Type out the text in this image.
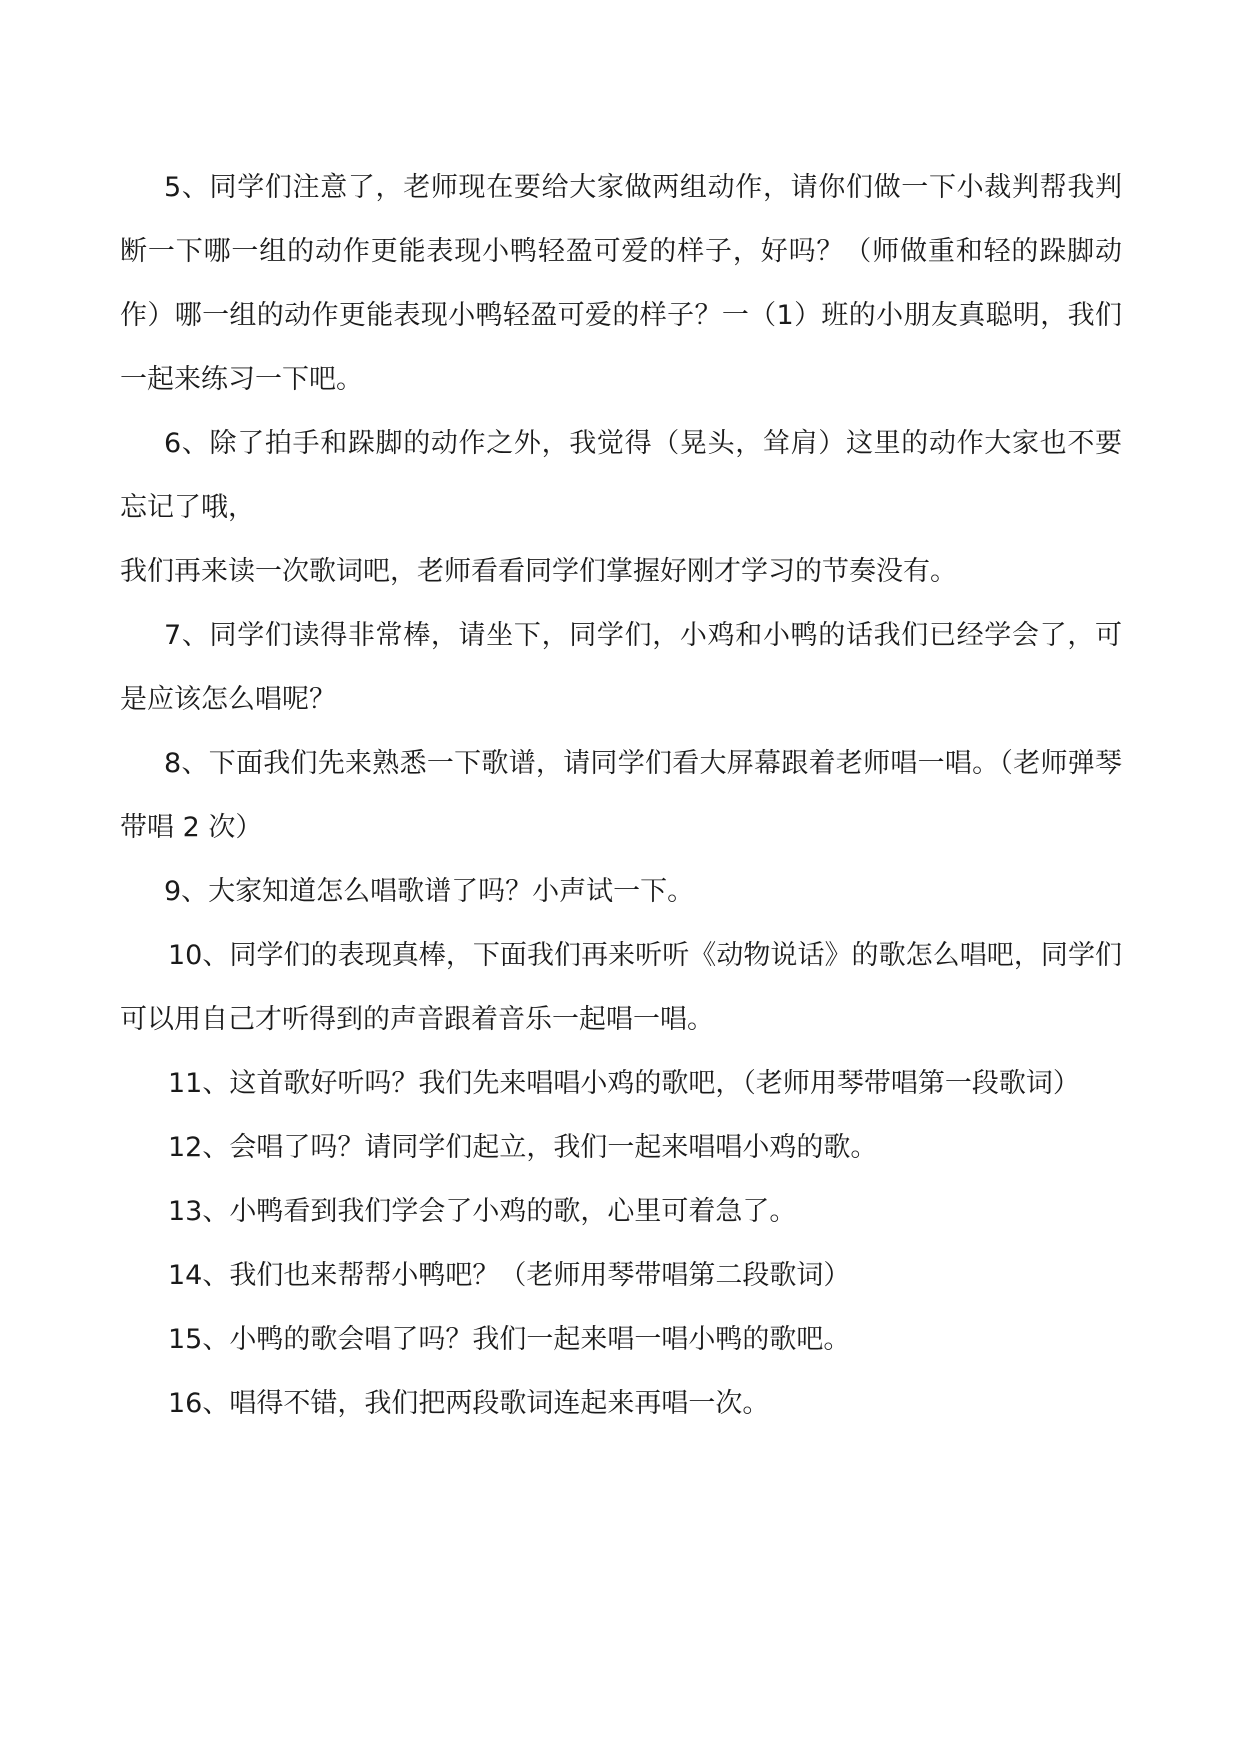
5、同学们注意了，老师现在要给大家做两组动作，请你们做一下小裁判帮我判断一下哪一组的动作更能表现小鸭轻盈可爱的样子，好吗？（师做重和轻的跺脚动作）哪一组的动作更能表现小鸭轻盈可爱的样子？一（1）班的小朋友真聪明，我们一起来练习一下吧。

6、除了拍手和跺脚的动作之外，我觉得（晃头，耸肩）这里的动作大家也不要忘记了哦，

我们再来读一次歌词吧，老师看看同学们掌握好刚才学习的节奏没有。

7、同学们读得非常棒，请坐下，同学们，小鸡和小鸭的话我们已经学会了，可是应该怎么唱呢？

8、下面我们先来熟悉一下歌谱，请同学们看大屏幕跟着老师唱一唱。（老师弹琴带唱 2 次）

9、大家知道怎么唱歌谱了吗？小声试一下。

10、同学们的表现真棒，下面我们再来听听《动物说话》的歌怎么唱吧，同学们可以用自己才听得到的声音跟着音乐一起唱一唱。

11、这首歌好听吗？我们先来唱唱小鸡的歌吧，（老师用琴带唱第一段歌词）

12、会唱了吗？请同学们起立，我们一起来唱唱小鸡的歌。

13、小鸭看到我们学会了小鸡的歌，心里可着急了。

14、我们也来帮帮小鸭吧？（老师用琴带唱第二段歌词）

15、小鸭的歌会唱了吗？我们一起来唱一唱小鸭的歌吧。

16、唱得不错，我们把两段歌词连起来再唱一次。
